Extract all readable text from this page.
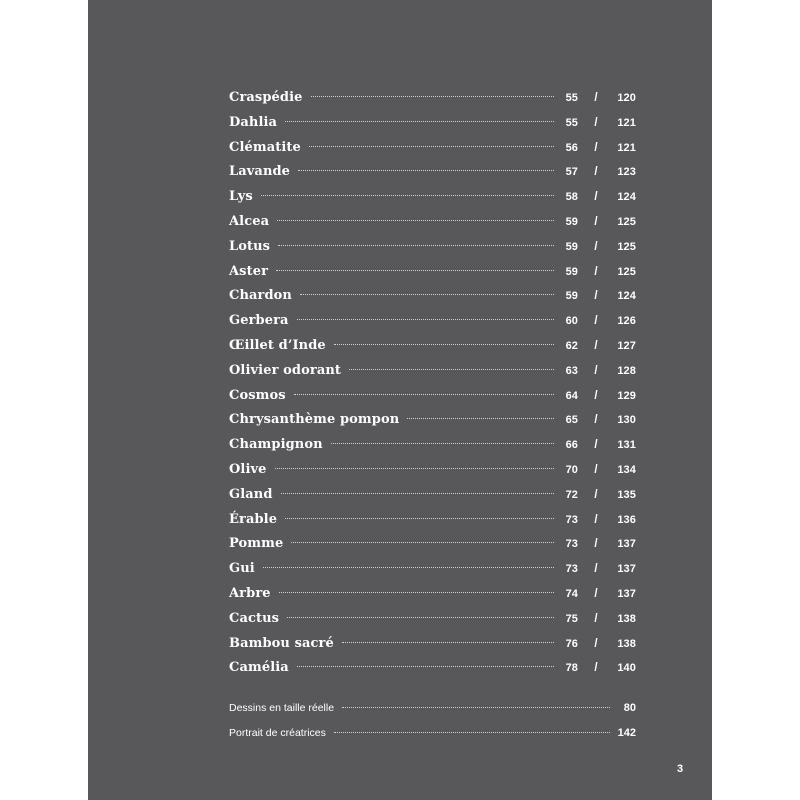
Craspédie	55	/	120
Dahlia	55	/	121
Clématite	56	/	121
Lavande	57	/	123
Lys	58	/	124
Alcea	59	/	125
Lotus	59	/	125
Aster	59	/	125
Chardon	59	/	124
Gerbera	60	/	126
Œillet d’Inde	62	/	127
Olivier odorant	63	/	128
Cosmos	64	/	129
Chrysanthème pompon	65	/	130
Champignon	66	/	131
Olive	70	/	134
Gland	72	/	135
Érable	73	/	136
Pomme	73	/	137
Gui	73	/	137
Arbre	74	/	137
Cactus	75	/	138
Bambou sacré	76	/	138
Camélia	78	/	140
Dessins en taille réelle	80
Portrait de créatrices	142
3
